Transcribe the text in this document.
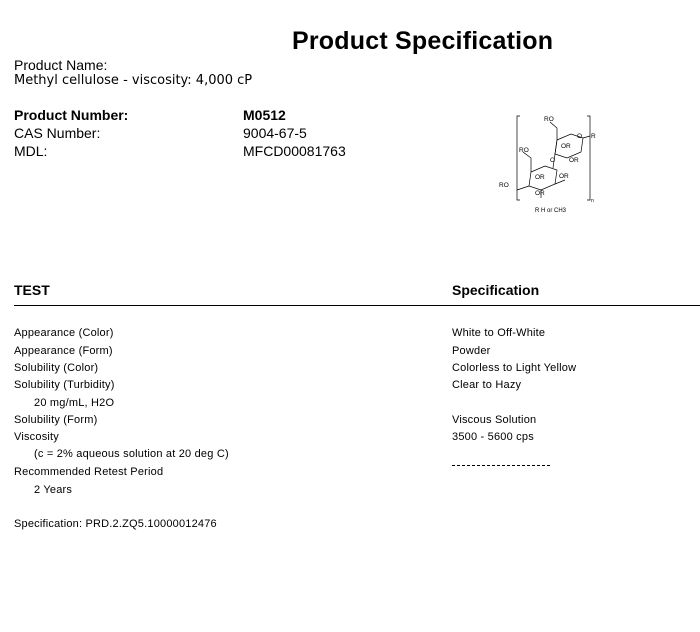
Product Specification
Product Name:
Methyl cellulose - viscosity: 4,000 cP
Product Number:	M0512
CAS Number:	9004-67-5
MDL:	MFCD00081763
RO
R
O
OR
RO
OR
O
OR
RO
OR
OR
n
R H or CH3
TEST	Specification
Appearance (Color)	White to Off-White
Appearance (Form)	Powder
Solubility (Color)	Colorless to Light Yellow
Solubility (Turbidity)	Clear to Hazy
20 mg/mL, H2O
Solubility (Form)	Viscous Solution
Viscosity	3500 - 5600 cps
(c = 2% aqueous solution at 20 deg C)
Recommended Retest Period
2 Years
Specification: PRD.2.ZQ5.10000012476
